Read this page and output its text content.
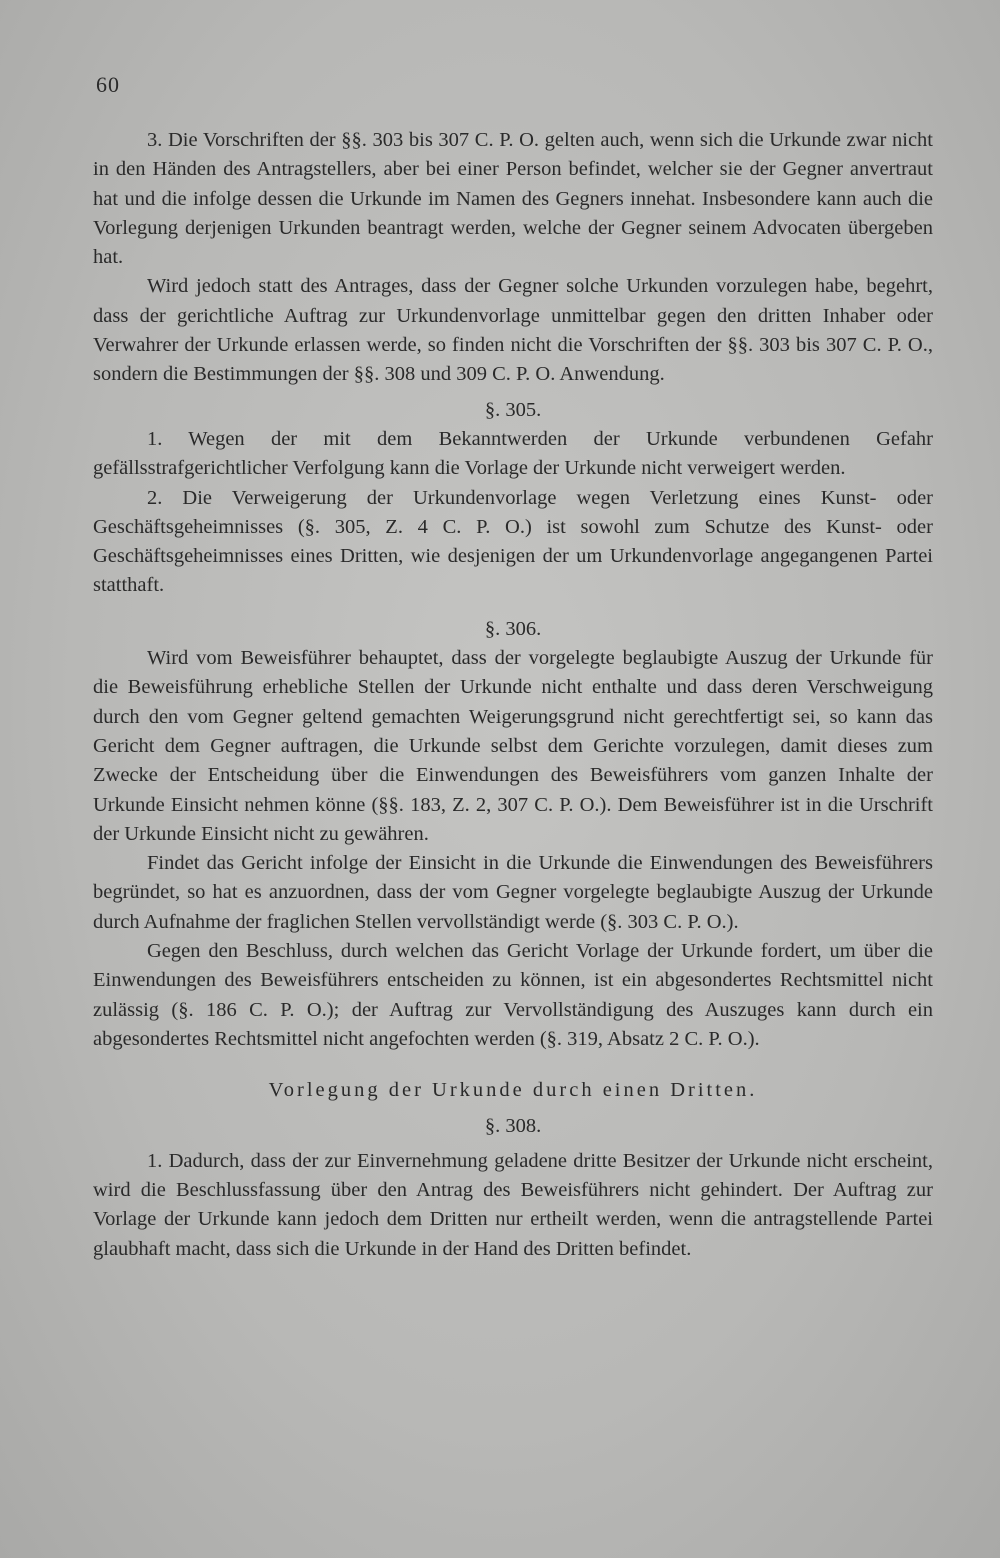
60

3. Die Vorschriften der §§. 303 bis 307 C. P. O. gelten auch, wenn sich die Urkunde zwar nicht in den Händen des Antragstellers, aber bei einer Person befindet, welcher sie der Gegner anvertraut hat und die infolge dessen die Urkunde im Namen des Gegners innehat. Insbesondere kann auch die Vorlegung derjenigen Urkunden beantragt werden, welche der Gegner seinem Advocaten übergeben hat.

Wird jedoch statt des Antrages, dass der Gegner solche Urkunden vorzulegen habe, begehrt, dass der gerichtliche Auftrag zur Urkundenvorlage unmittelbar gegen den dritten Inhaber oder Verwahrer der Urkunde erlassen werde, so finden nicht die Vorschriften der §§. 303 bis 307 C. P. O., sondern die Bestimmungen der §§. 308 und 309 C. P. O. Anwendung.

§. 305.

1. Wegen der mit dem Bekanntwerden der Urkunde verbundenen Gefahr gefällsstrafgerichtlicher Verfolgung kann die Vorlage der Urkunde nicht verweigert werden.

2. Die Verweigerung der Urkundenvorlage wegen Verletzung eines Kunst- oder Geschäftsgeheimnisses (§. 305, Z. 4 C. P. O.) ist sowohl zum Schutze des Kunst- oder Geschäftsgeheimnisses eines Dritten, wie desjenigen der um Urkundenvorlage angegangenen Partei statthaft.

§. 306.

Wird vom Beweisführer behauptet, dass der vorgelegte beglaubigte Auszug der Urkunde für die Beweisführung erhebliche Stellen der Urkunde nicht enthalte und dass deren Verschweigung durch den vom Gegner geltend gemachten Weigerungsgrund nicht gerechtfertigt sei, so kann das Gericht dem Gegner auftragen, die Urkunde selbst dem Gerichte vorzulegen, damit dieses zum Zwecke der Entscheidung über die Einwendungen des Beweisführers vom ganzen Inhalte der Urkunde Einsicht nehmen könne (§§. 183, Z. 2, 307 C. P. O.). Dem Beweisführer ist in die Urschrift der Urkunde Einsicht nicht zu gewähren.

Findet das Gericht infolge der Einsicht in die Urkunde die Einwendungen des Beweisführers begründet, so hat es anzuordnen, dass der vom Gegner vorgelegte beglaubigte Auszug der Urkunde durch Aufnahme der fraglichen Stellen vervollständigt werde (§. 303 C. P. O.).

Gegen den Beschluss, durch welchen das Gericht Vorlage der Urkunde fordert, um über die Einwendungen des Beweisführers entscheiden zu können, ist ein abgesondertes Rechtsmittel nicht zulässig (§. 186 C. P. O.); der Auftrag zur Vervollständigung des Auszuges kann durch ein abgesondertes Rechtsmittel nicht angefochten werden (§. 319, Absatz 2 C. P. O.).

Vorlegung der Urkunde durch einen Dritten.

§. 308.

1. Dadurch, dass der zur Einvernehmung geladene dritte Besitzer der Urkunde nicht erscheint, wird die Beschlussfassung über den Antrag des Beweisführers nicht gehindert. Der Auftrag zur Vorlage der Urkunde kann jedoch dem Dritten nur ertheilt werden, wenn die antragstellende Partei glaubhaft macht, dass sich die Urkunde in der Hand des Dritten befindet.
